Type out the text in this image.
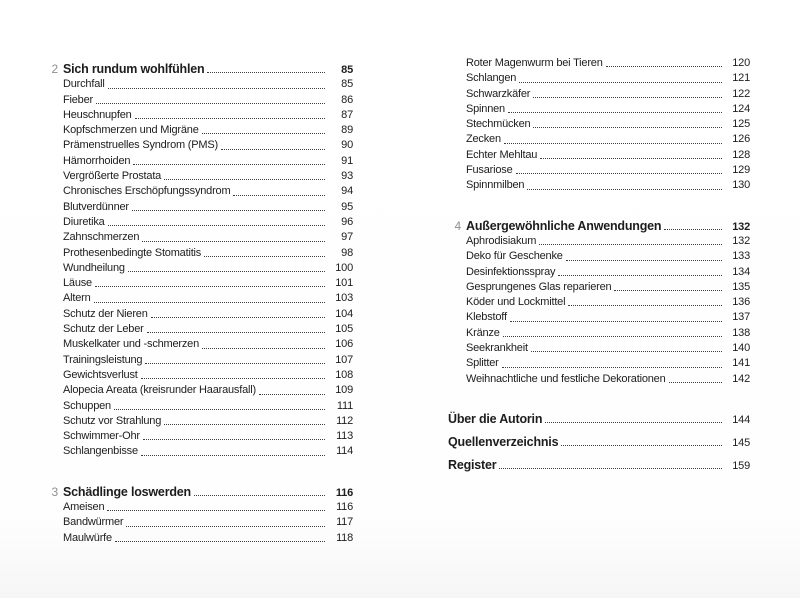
2 Sich rundum wohlfühlen	85
Durchfall	85
Fieber	86
Heuschnupfen	87
Kopfschmerzen und Migräne	89
Prämenstruelles Syndrom (PMS)	90
Hämorrhoiden	91
Vergrößerte Prostata	93
Chronisches Erschöpfungssyndrom	94
Blutverdünner	95
Diuretika	96
Zahnschmerzen	97
Prothesenbedingte Stomatitis	98
Wundheilung	100
Läuse	101
Altern	103
Schutz der Nieren	104
Schutz der Leber	105
Muskelkater und -schmerzen	106
Trainingsleistung	107
Gewichtsverlust	108
Alopecia Areata (kreisrunder Haarausfall)	109
Schuppen	111
Schutz vor Strahlung	112
Schwimmer-Ohr	113
Schlangenbisse	114
3 Schädlinge loswerden	116
Ameisen	116
Bandwürmer	117
Maulwürfe	118
Roter Magenwurm bei Tieren	120
Schlangen	121
Schwarzkäfer	122
Spinnen	124
Stechmücken	125
Zecken	126
Echter Mehltau	128
Fusariose	129
Spinnmilben	130
4 Außergewöhnliche Anwendungen	132
Aphrodisiakum	132
Deko für Geschenke	133
Desinfektionsspray	134
Gesprungenes Glas reparieren	135
Köder und Lockmittel	136
Klebstoff	137
Kränze	138
Seekrankheit	140
Splitter	141
Weihnachtliche und festliche Dekorationen	142
Über die Autorin	144
Quellenverzeichnis	145
Register	159
